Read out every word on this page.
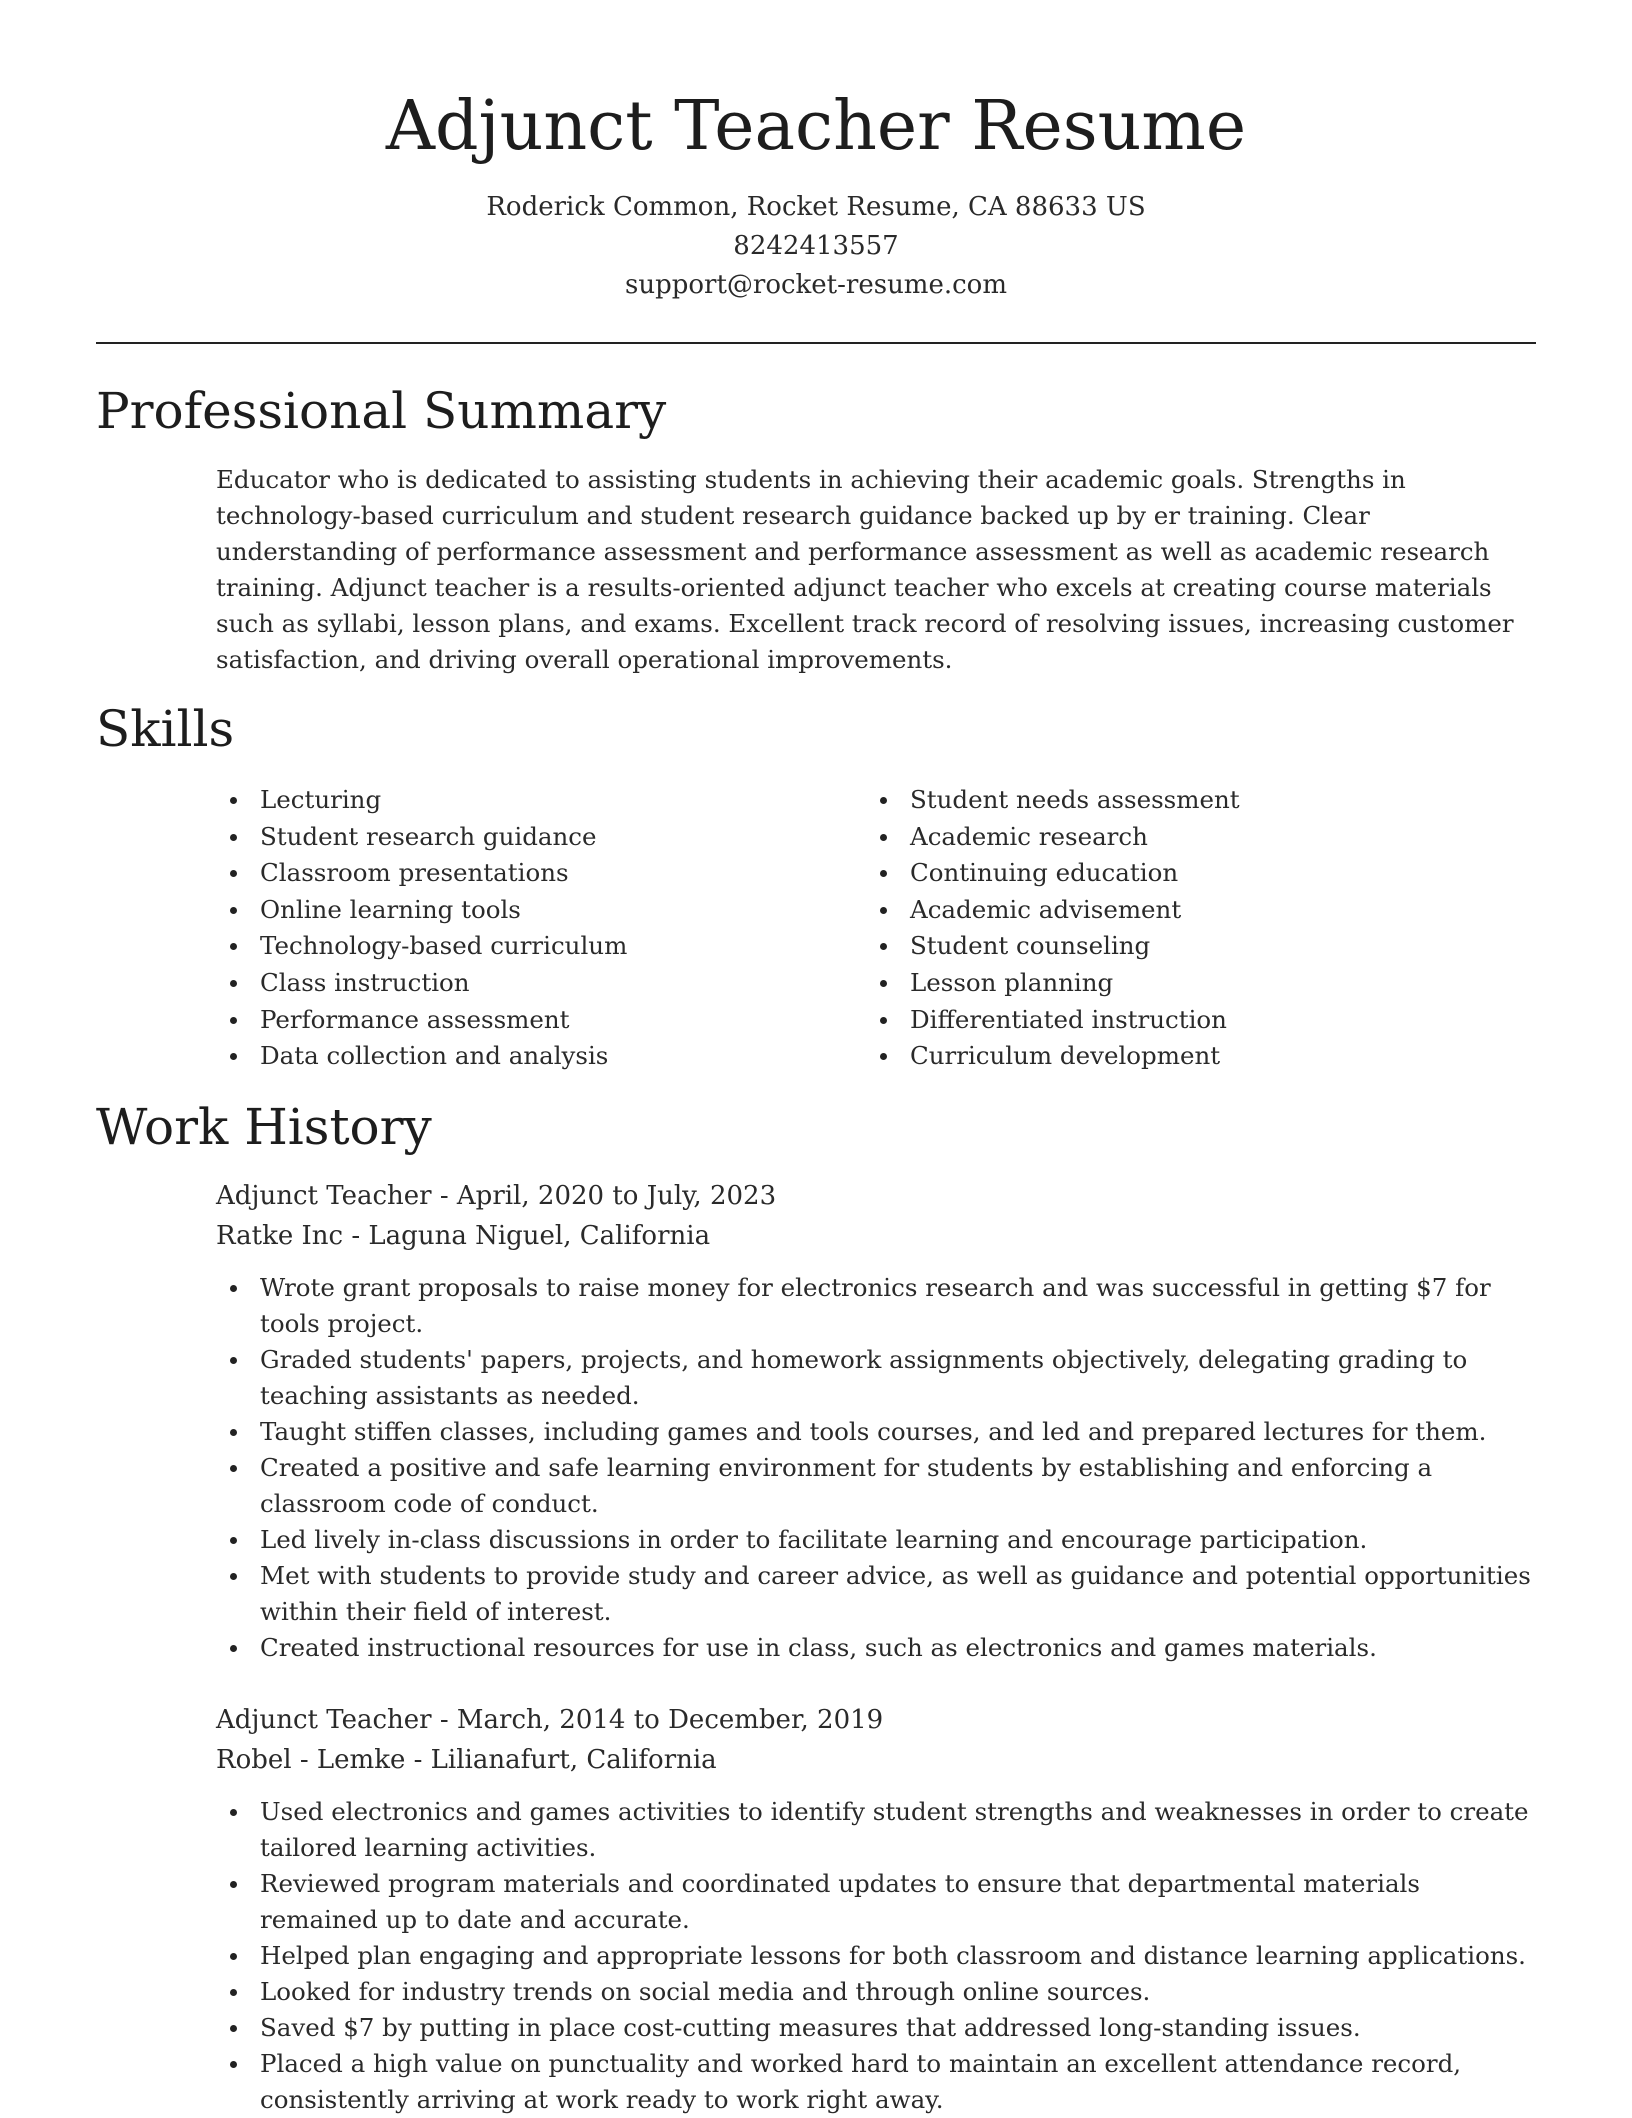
Adjunct Teacher Resume
Roderick Common, Rocket Resume, CA 88633 US
8242413557
support@rocket-resume.com
Professional Summary

Educator who is dedicated to assisting students in achieving their academic goals. Strengths in technology-based curriculum and student research guidance backed up by er training. Clear understanding of performance assessment and performance assessment as well as academic research training. Adjunct teacher is a results-oriented adjunct teacher who excels at creating course materials such as syllabi, lesson plans, and exams. Excellent track record of resolving issues, increasing customer satisfaction, and driving overall operational improvements.

Skills
Lecturing
Student research guidance
Classroom presentations
Online learning tools
Technology-based curriculum
Class instruction
Performance assessment
Data collection and analysis
Student needs assessment
Academic research
Continuing education
Academic advisement
Student counseling
Lesson planning
Differentiated instruction
Curriculum development
Work History
Adjunct Teacher - April, 2020 to July, 2023
Ratke Inc - Laguna Niguel, California
Wrote grant proposals to raise money for electronics research and was successful in getting $7 for tools project.
Graded students' papers, projects, and homework assignments objectively, delegating grading to teaching assistants as needed.
Taught stiffen classes, including games and tools courses, and led and prepared lectures for them.
Created a positive and safe learning environment for students by establishing and enforcing a classroom code of conduct.
Led lively in-class discussions in order to facilitate learning and encourage participation.
Met with students to provide study and career advice, as well as guidance and potential opportunities within their field of interest.
Created instructional resources for use in class, such as electronics and games materials.
Adjunct Teacher - March, 2014 to December, 2019
Robel - Lemke - Lilianafurt, California
Used electronics and games activities to identify student strengths and weaknesses in order to create tailored learning activities.
Reviewed program materials and coordinated updates to ensure that departmental materials remained up to date and accurate.
Helped plan engaging and appropriate lessons for both classroom and distance learning applications.
Looked for industry trends on social media and through online sources.
Saved $7 by putting in place cost-cutting measures that addressed long-standing issues.
Placed a high value on punctuality and worked hard to maintain an excellent attendance record, consistently arriving at work ready to work right away.
